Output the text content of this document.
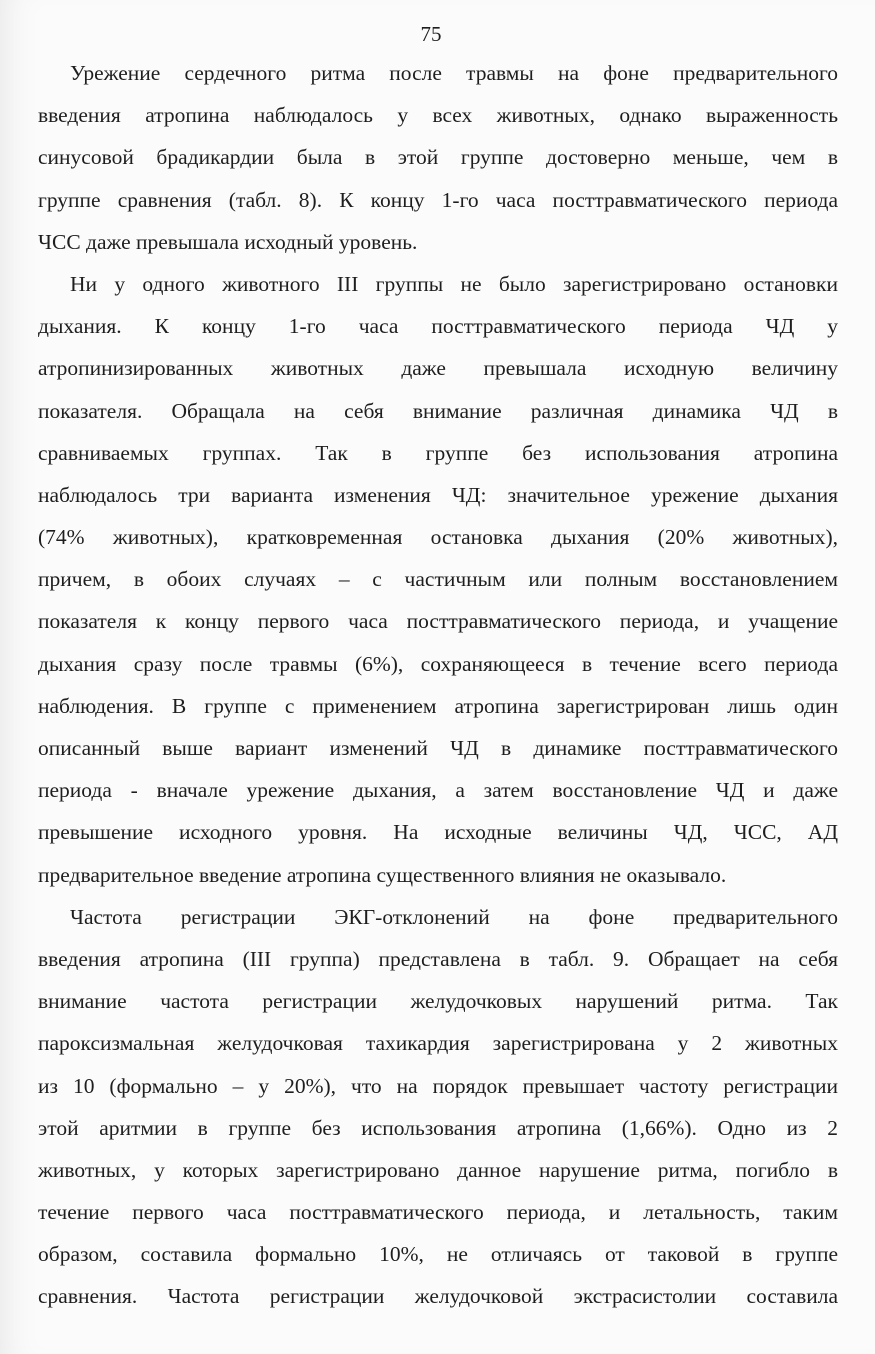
75
Урежение сердечного ритма после травмы на фоне предварительного
введения атропина наблюдалось у всех животных, однако выраженность
синусовой брадикардии была в этой группе достоверно меньше, чем в
группе сравнения (табл. 8). К концу 1-го часа посттравматического периода
ЧСС даже превышала исходный уровень.
Ни у одного животного III группы не было зарегистрировано остановки
дыхания. К концу 1-го часа посттравматического периода ЧД у
атропинизированных животных даже превышала исходную величину
показателя. Обращала на себя внимание различная динамика ЧД в
сравниваемых группах. Так в группе без использования атропина
наблюдалось три варианта изменения ЧД: значительное урежение дыхания
(74% животных), кратковременная остановка дыхания (20% животных),
причем, в обоих случаях – с частичным или полным восстановлением
показателя к концу первого часа посттравматического периода, и учащение
дыхания сразу после травмы (6%), сохраняющееся в течение всего периода
наблюдения. В группе с применением атропина зарегистрирован лишь один
описанный выше вариант изменений ЧД в динамике посттравматического
периода - вначале урежение дыхания, а затем восстановление ЧД и даже
превышение исходного уровня. На исходные величины ЧД, ЧСС, АД
предварительное введение атропина существенного влияния не оказывало.
Частота регистрации ЭКГ-отклонений на фоне предварительного
введения атропина (III группа) представлена в табл. 9. Обращает на себя
внимание частота регистрации желудочковых нарушений ритма. Так
пароксизмальная желудочковая тахикардия зарегистрирована у 2 животных
из 10 (формально – у 20%), что на порядок превышает частоту регистрации
этой аритмии в группе без использования атропина (1,66%). Одно из 2
животных, у которых зарегистрировано данное нарушение ритма, погибло в
течение первого часа посттравматического периода, и летальность, таким
образом, составила формально 10%, не отличаясь от таковой в группе
сравнения. Частота регистрации желудочковой экстрасистолии составила
